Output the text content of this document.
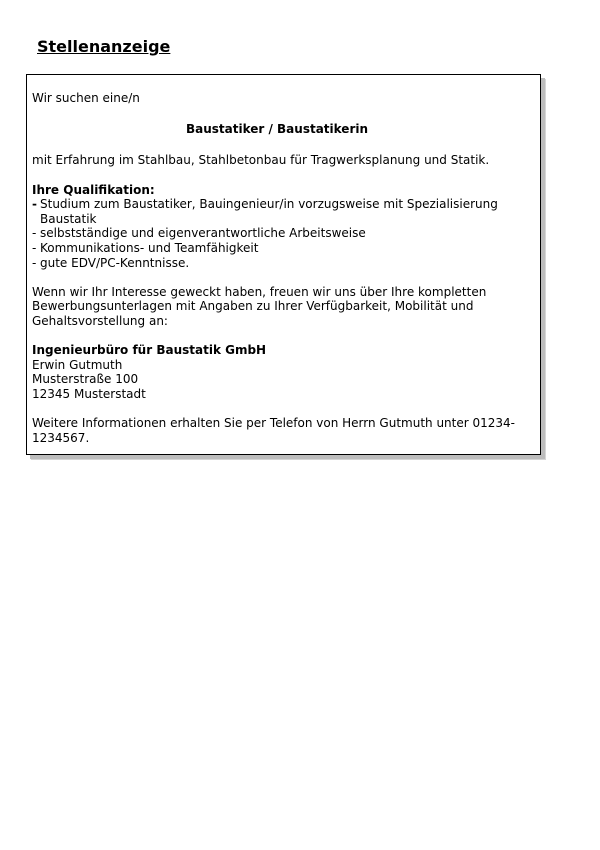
Stellenanzeige

Wir suchen eine/n

Baustatiker / Baustatikerin

mit Erfahrung im Stahlbau, Stahlbetonbau für Tragwerksplanung und Statik.

Ihre Qualifikation:

- Studium zum Baustatiker, Bauingenieur/in vorzugsweise mit Spezialisierung Baustatik
- selbstständige und eigenverantwortliche Arbeitsweise
- Kommunikations- und Teamfähigkeit
- gute EDV/PC-Kenntnisse.

Wenn wir Ihr Interesse geweckt haben, freuen wir uns über Ihre kompletten Bewerbungsunterlagen mit Angaben zu Ihrer Verfügbarkeit, Mobilität und Gehaltsvorstellung an:

Ingenieurbüro für Baustatik GmbH

Erwin Gutmuth

Musterstraße 100

12345 Musterstadt

Weitere Informationen erhalten Sie per Telefon von Herrn Gutmuth unter 01234-1234567.
